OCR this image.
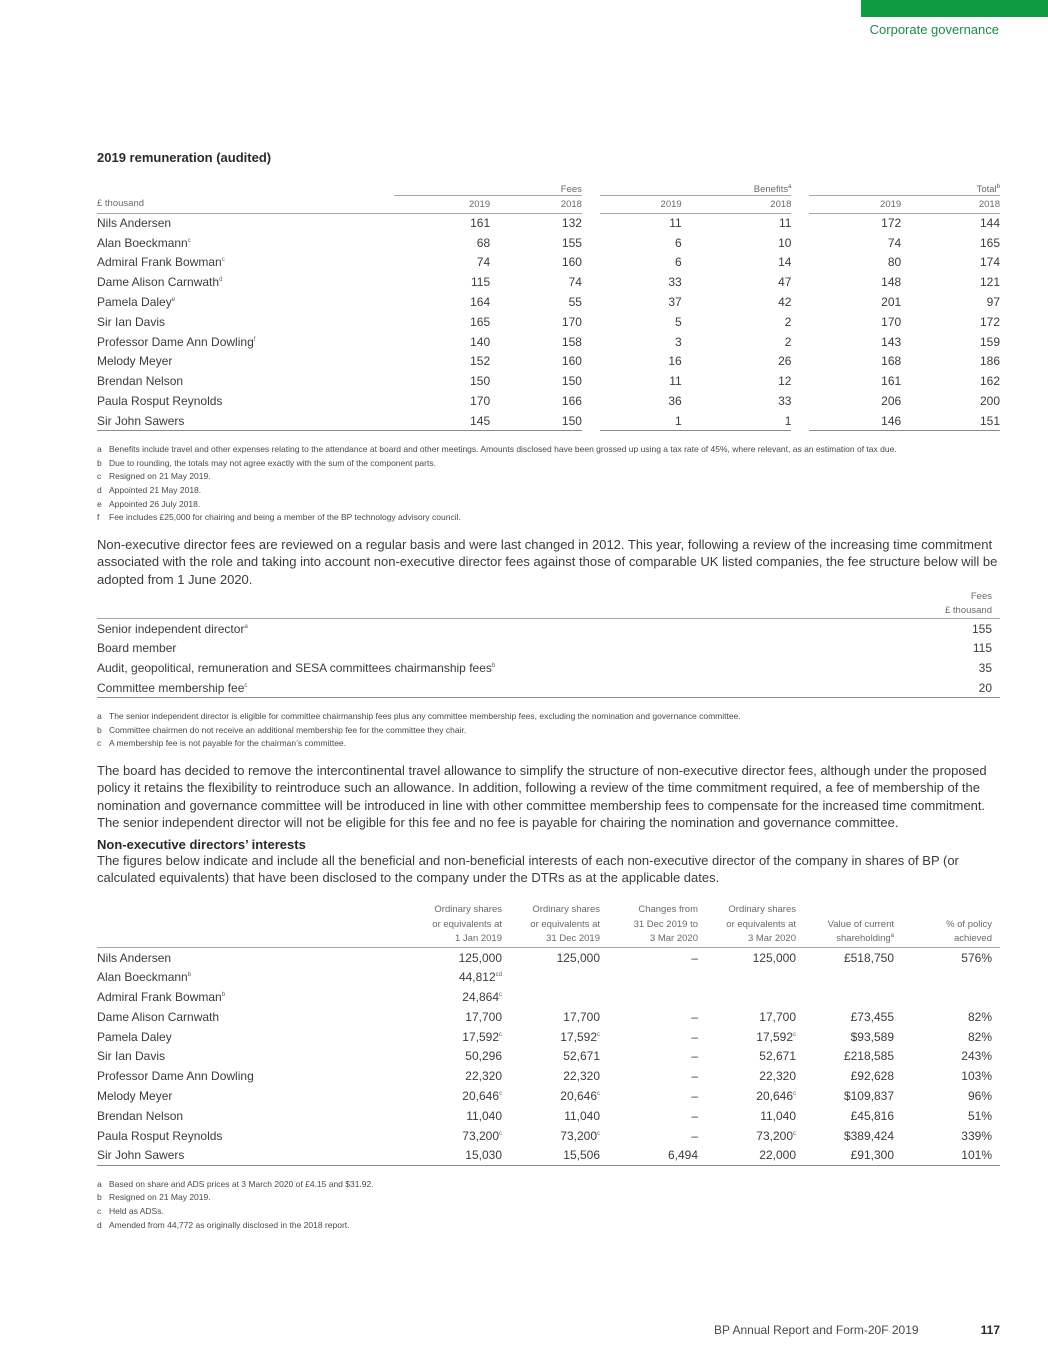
Corporate governance
2019 remuneration (audited)
	Fees			Benefits$^a$			Total$^b$
£ thousand	2019	2018		2019	2018		2019	2018
Nils Andersen	161	132		11	11		172	144
Alan Boeckmann$^c$	68	155		6	10		74	165
Admiral Frank Bowman$^c$	74	160		6	14		80	174
Dame Alison Carnwath$^d$	115	74		33	47		148	121
Pamela Daley$^e$	164	55		37	42		201	97
Sir Ian Davis	165	170		5	2		170	172
Professor Dame Ann Dowling$^f$	140	158		3	2		143	159
Melody Meyer	152	160		16	26		168	186
Brendan Nelson	150	150		11	12		161	162
Paula Rosput Reynolds	170	166		36	33		206	200
Sir John Sawers	145	150		1	1		146	151
a Benefits include travel and other expenses relating to the attendance at board and other meetings. Amounts disclosed have been grossed up using a tax rate of 45%, where relevant, as an estimation of tax due.
b Due to rounding, the totals may not agree exactly with the sum of the component parts.
c Resigned on 21 May 2019.
d Appointed 21 May 2018.
e Appointed 26 July 2018.
f	Fee includes £25,000 for chairing and being a member of the BP technology advisory council.

Non-executive director fees are reviewed on a regular basis and were last changed in 2012. This year, following a review of the increasing time commitment associated with the role and taking into account non-executive director fees against those of comparable UK listed companies, the fee structure below will be adopted from 1 June 2020.

	Fees
£ thousand
Senior independent director$^a$	155
Board member	115
Audit, geopolitical, remuneration and SESA committees chairmanship fees$^b$	35
Committee membership fee$^c$	20
a The senior independent director is eligible for committee chairmanship fees plus any committee membership fees, excluding the nomination and governance committee.
b Committee chairmen do not receive an additional membership fee for the committee they chair.
c A membership fee is not payable for the chairman’s committee.

The board has decided to remove the intercontinental travel allowance to simplify the structure of non-executive director fees, although under the proposed policy it retains the flexibility to reintroduce such an allowance. In addition, following a review of the time commitment required, a fee of membership of the nomination and governance committee will be introduced in line with other committee membership fees to compensate for the increased time commitment. The senior independent director will not be eligible for this fee and no fee is payable for chairing the nomination and governance committee.

Non-executive directors’ interests

The figures below indicate and include all the beneficial and non-beneficial interests of each non-executive director of the company in shares of BP (or calculated equivalents) that have been disclosed to the company under the DTRs as at the applicable dates.

	Ordinary shares
or equivalents at
1 Jan 2019	Ordinary shares
or equivalents at
31 Dec 2019	Changes from
31 Dec 2019 to
3 Mar 2020	Ordinary shares
or equivalents at
3 Mar 2020	Value of current
shareholding$^a$	% of policy
achieved
Nils Andersen	125,000	125,000	–	125,000	£518,750	576%
Alan Boeckmann$^b$	44,812$^{cd}$					
Admiral Frank Bowman$^b$	24,864$^c$					
Dame Alison Carnwath	17,700	17,700	–	17,700	£73,455	82%
Pamela Daley	17,592$^c$	17,592$^c$	–	17,592$^c$	$93,589	82%
Sir Ian Davis	50,296	52,671	–	52,671	£218,585	243%
Professor Dame Ann Dowling	22,320	22,320	–	22,320	£92,628	103%
Melody Meyer	20,646$^c$	20,646$^c$	–	20,646$^c$	$109,837	96%
Brendan Nelson	11,040	11,040	–	11,040	£45,816	51%
Paula Rosput Reynolds	73,200$^c$	73,200$^c$	–	73,200$^c$	$389,424	339%
Sir John Sawers	15,030	15,506	6,494	22,000	£91,300	101%
a Based on share and ADS prices at 3 March 2020 of £4.15 and $31.92.
b Resigned on 21 May 2019.
c Held as ADSs.
d Amended from 44,772 as originally disclosed in the 2018 report.
BP Annual Report and Form-20F 2019	117
